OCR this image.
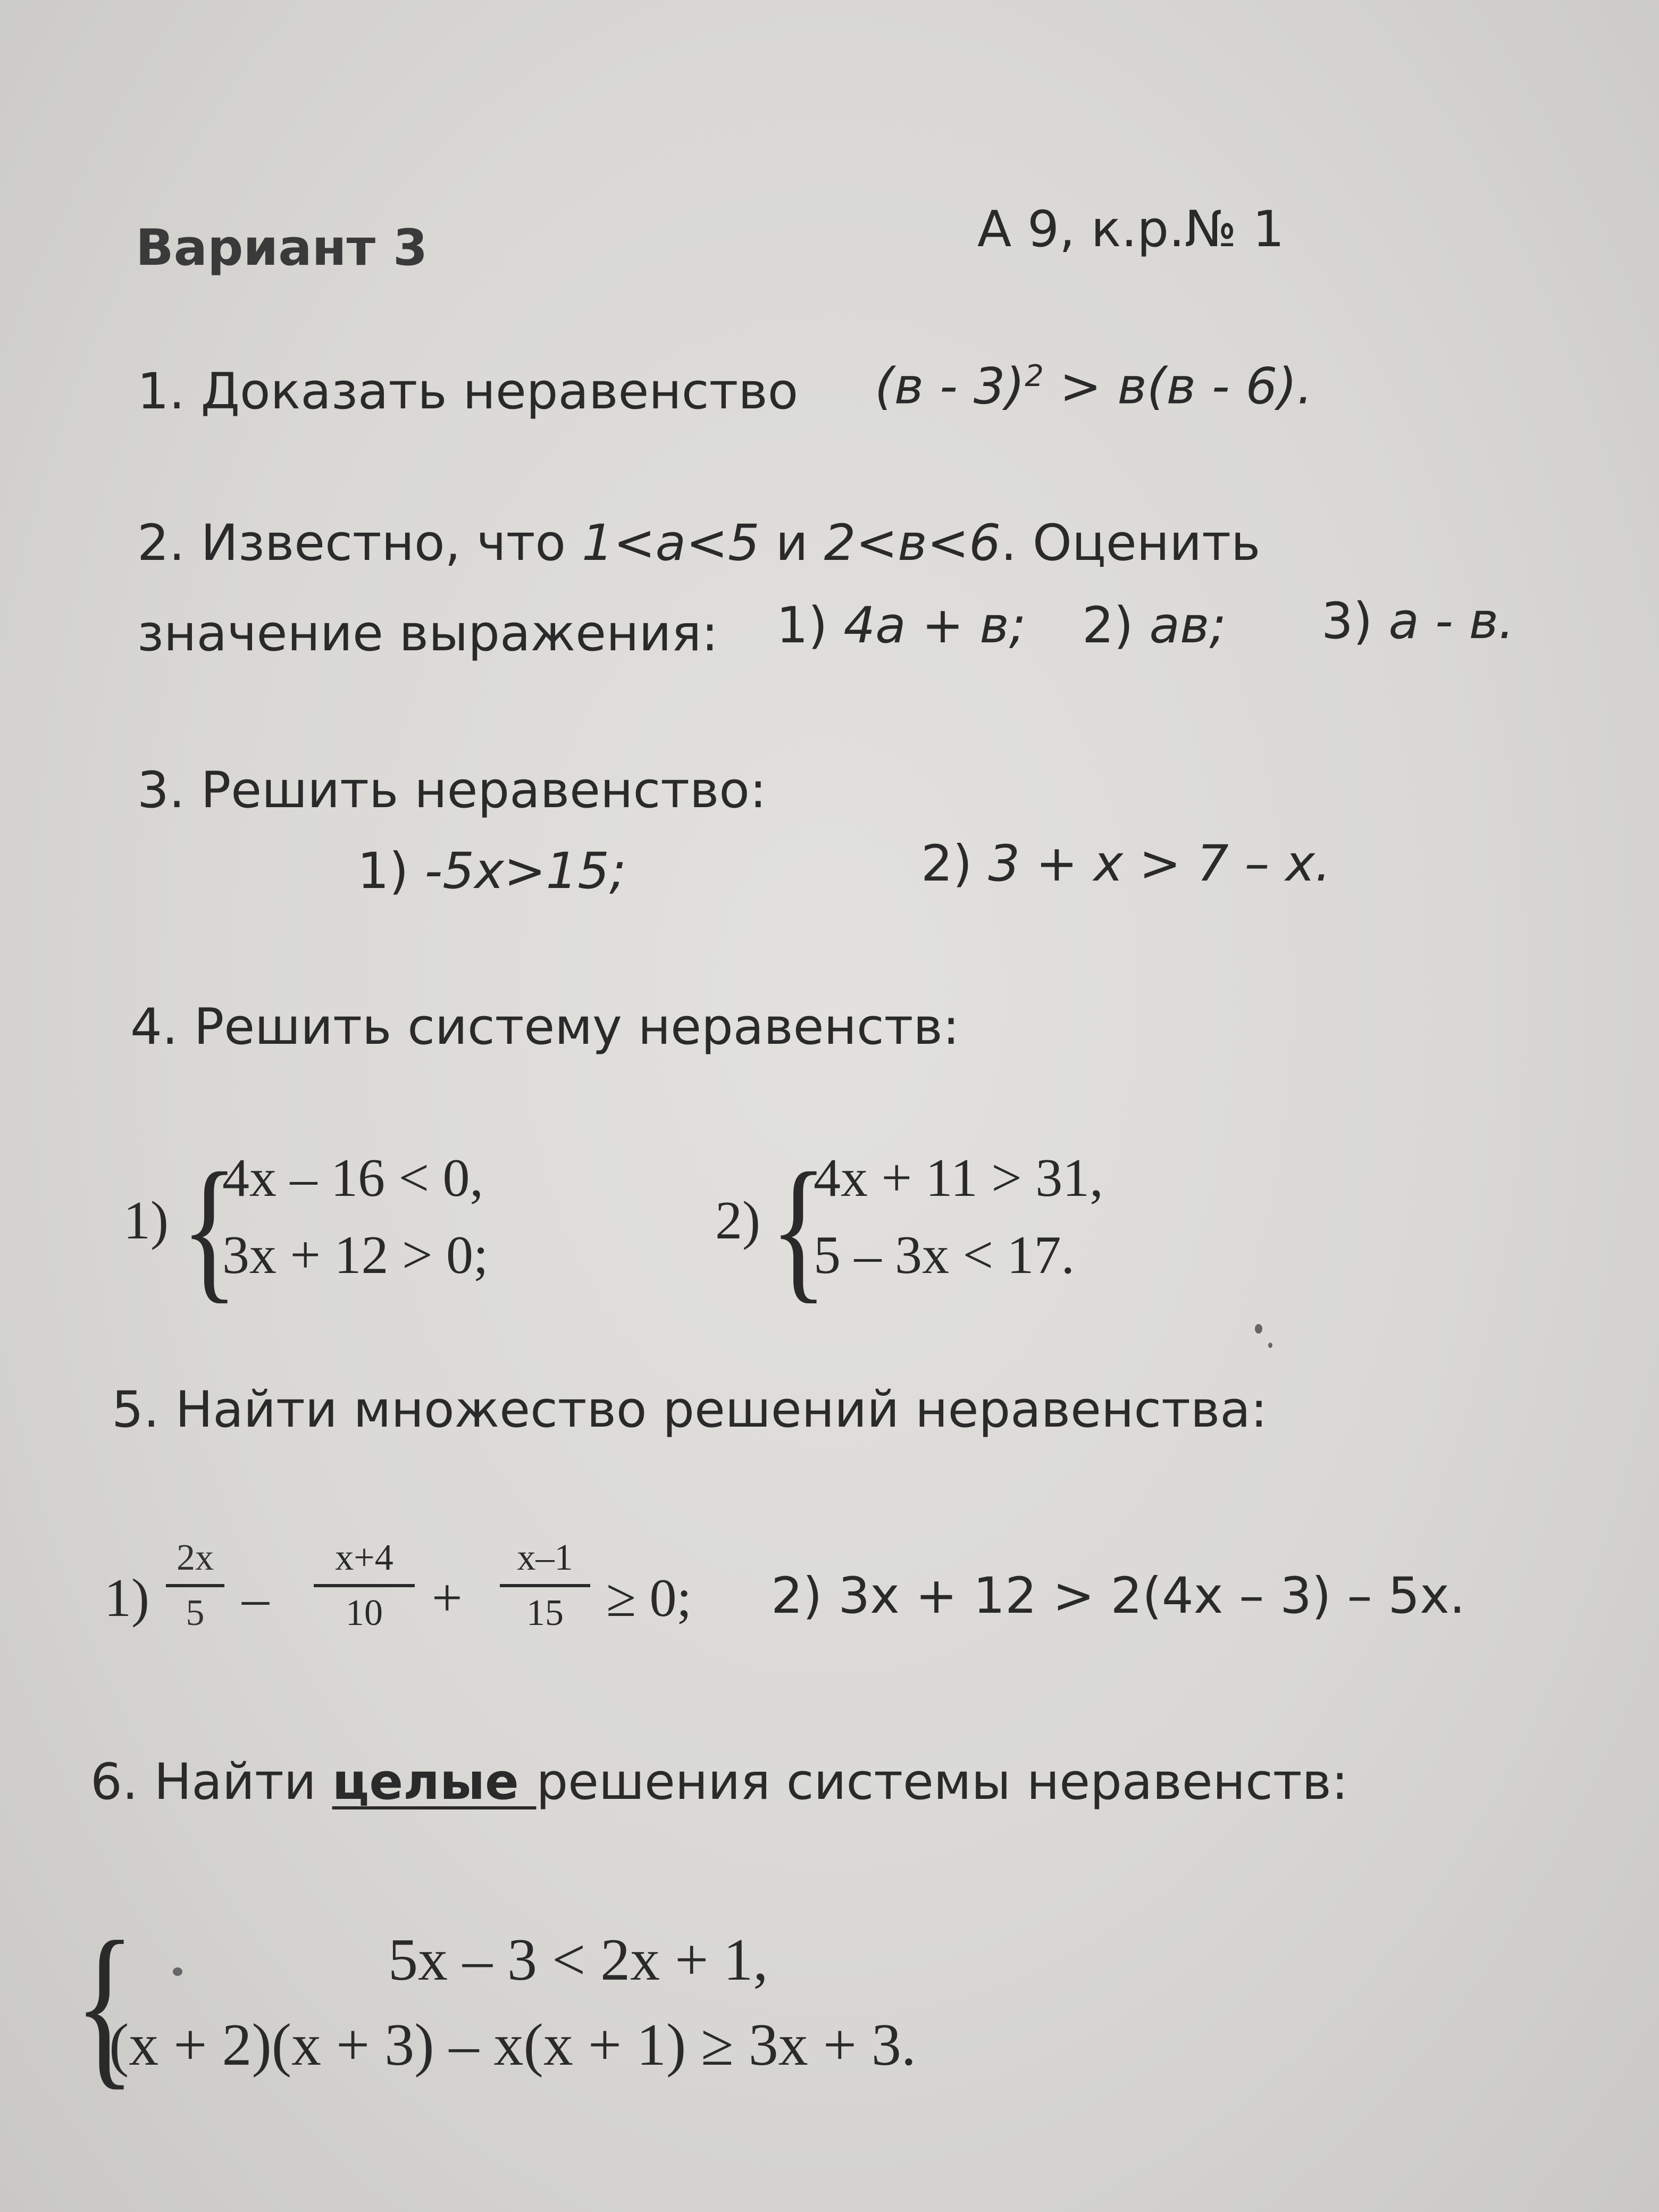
Вариант 3	А 9, к.р.№ 1
1. Доказать неравенство (в - 3)$^2$ > в(в - 6).
2. Известно, что 1<а<5 и 2<в<6. Оценить
значение выражения: 1) 4а + в; 2) ав; 3) а - в.
3. Решить неравенство:
1) -5х>15;	2) 3 + x > 7 – x.
4. Решить систему неравенств:
1) {
4x – 16 < 0,
3x + 12 > 0;
2) {
4x + 11 > 31,
5 – 3x < 17.
5. Найти множество решений неравенства:
1)
2x
5 –
x+4
10 +
x–1
15 ≥ 0; 2) 3x + 12 > 2(4x – 3) – 5x.
6. Найти целые решения системы неравенств:
{	5x – 3 < 2x + 1,
(x + 2)(x + 3) – x(x + 1) ≥ 3x + 3.
